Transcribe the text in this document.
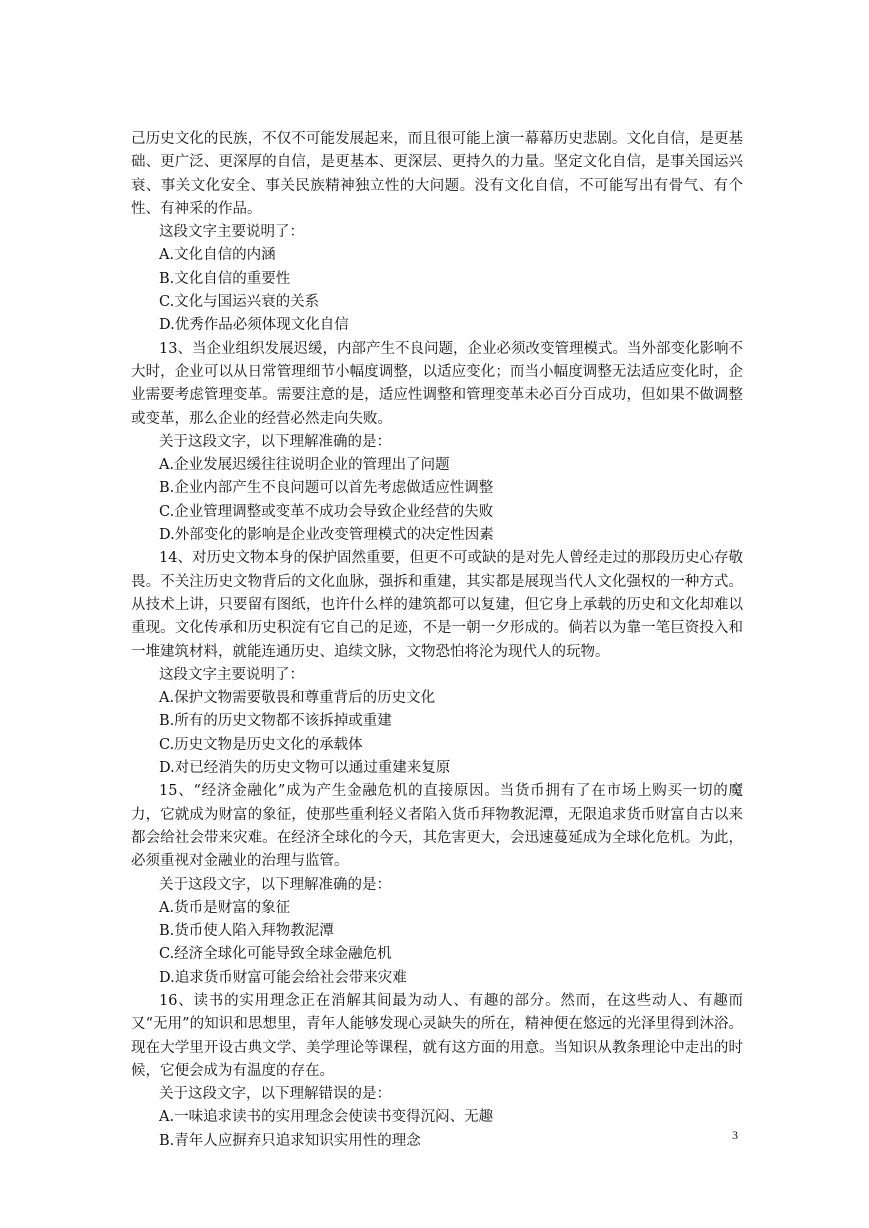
己历史文化的民族，不仅不可能发展起来，而且很可能上演一幕幕历史悲剧。文化自信，是更基础、更广泛、更深厚的自信，是更基本、更深层、更持久的力量。坚定文化自信，是事关国运兴衰、事关文化安全、事关民族精神独立性的大问题。没有文化自信，不可能写出有骨气、有个性、有神采的作品。

这段文字主要说明了：

A.文化自信的内涵

B.文化自信的重要性

C.文化与国运兴衰的关系

D.优秀作品必须体现文化自信

13、当企业组织发展迟缓，内部产生不良问题，企业必须改变管理模式。当外部变化影响不大时，企业可以从日常管理细节小幅度调整，以适应变化；而当小幅度调整无法适应变化时，企业需要考虑管理变革。需要注意的是，适应性调整和管理变革未必百分百成功，但如果不做调整或变革，那么企业的经营必然走向失败。

关于这段文字，以下理解准确的是：

A.企业发展迟缓往往说明企业的管理出了问题

B.企业内部产生不良问题可以首先考虑做适应性调整

C.企业管理调整或变革不成功会导致企业经营的失败

D.外部变化的影响是企业改变管理模式的决定性因素

14、对历史文物本身的保护固然重要，但更不可或缺的是对先人曾经走过的那段历史心存敬畏。不关注历史文物背后的文化血脉，强拆和重建，其实都是展现当代人文化强权的一种方式。从技术上讲，只要留有图纸，也许什么样的建筑都可以复建，但它身上承载的历史和文化却难以重现。文化传承和历史积淀有它自己的足迹，不是一朝一夕形成的。倘若以为靠一笔巨资投入和一堆建筑材料，就能连通历史、追续文脉，文物恐怕将沦为现代人的玩物。

这段文字主要说明了：

A.保护文物需要敬畏和尊重背后的历史文化

B.所有的历史文物都不该拆掉或重建

C.历史文物是历史文化的承载体

D.对已经消失的历史文物可以通过重建来复原

15、“经济金融化”成为产生金融危机的直接原因。当货币拥有了在市场上购买一切的魔力，它就成为财富的象征，使那些重利轻义者陷入货币拜物教泥潭，无限追求货币财富自古以来都会给社会带来灾难。在经济全球化的今天，其危害更大，会迅速蔓延成为全球化危机。为此，必须重视对金融业的治理与监管。

关于这段文字，以下理解准确的是：

A.货币是财富的象征

B.货币使人陷入拜物教泥潭

C.经济全球化可能导致全球金融危机

D.追求货币财富可能会给社会带来灾难

16、读书的实用理念正在消解其间最为动人、有趣的部分。然而，在这些动人、有趣而又“无用”的知识和思想里，青年人能够发现心灵缺失的所在，精神便在悠远的光泽里得到沐浴。现在大学里开设古典文学、美学理论等课程，就有这方面的用意。当知识从教条理论中走出的时候，它便会成为有温度的存在。

关于这段文字，以下理解错误的是：

A.一味追求读书的实用理念会使读书变得沉闷、无趣

B.青年人应摒弃只追求知识实用性的理念	3
